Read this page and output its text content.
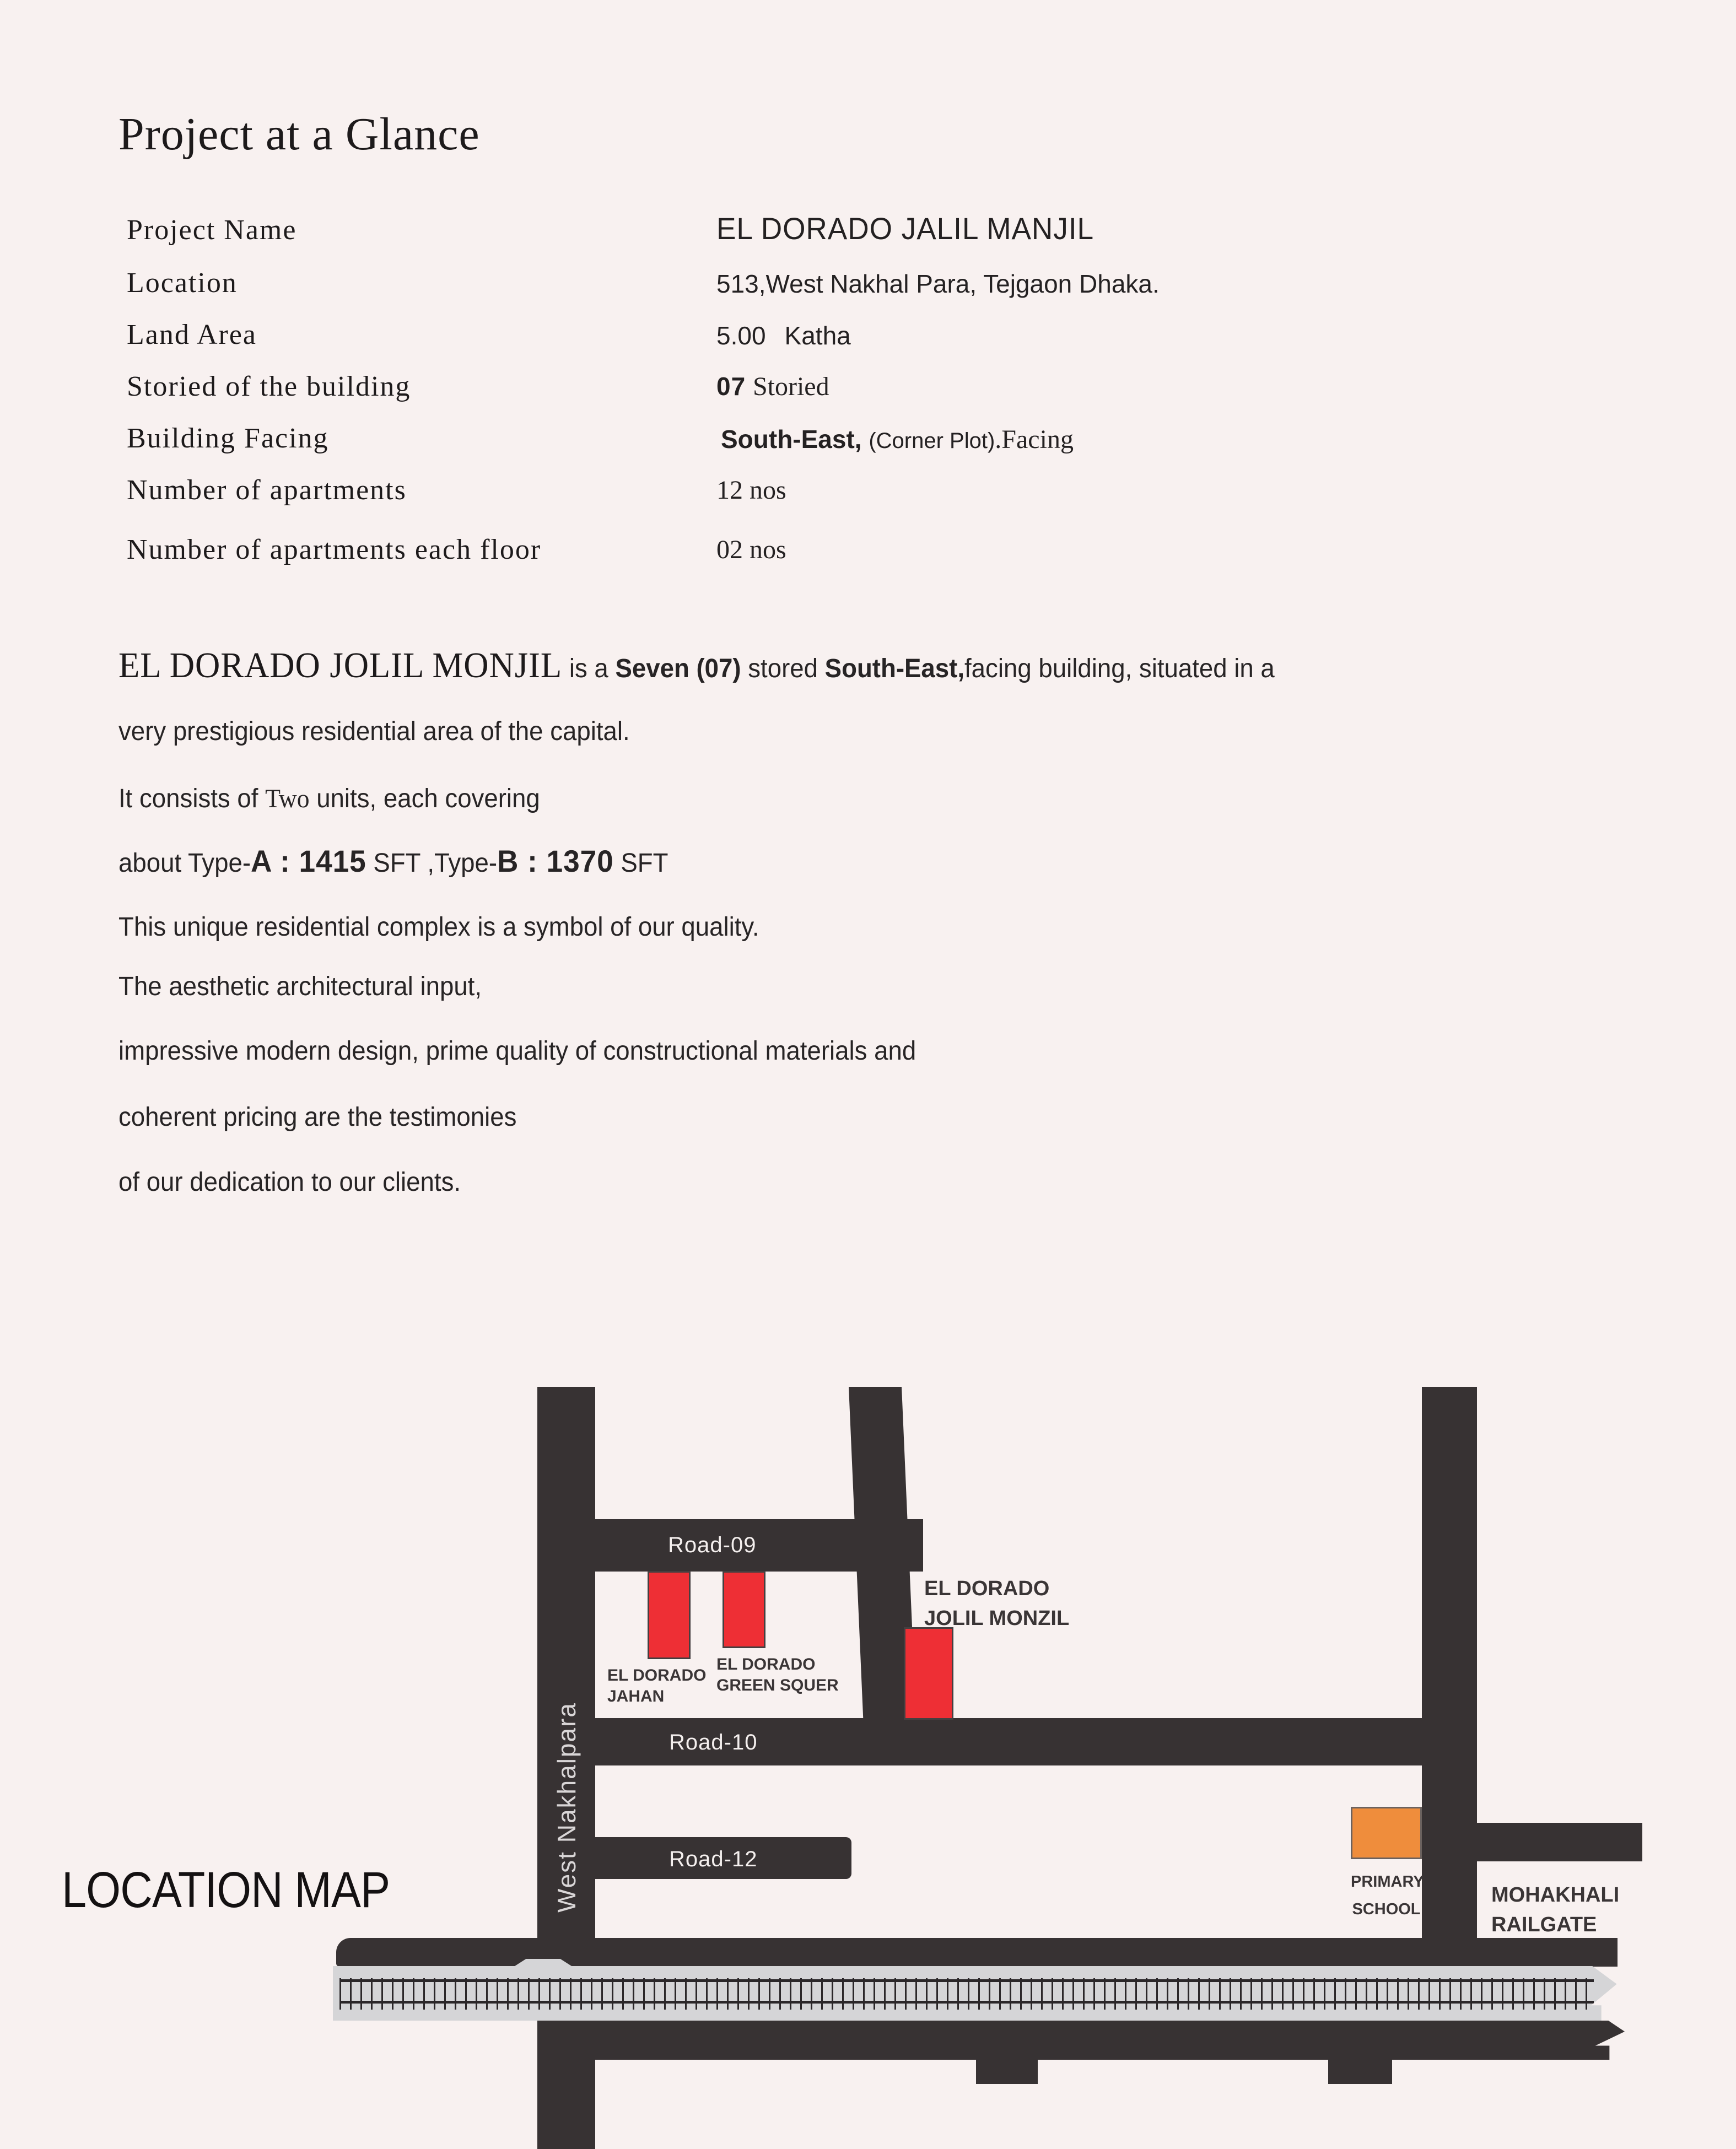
Project at a Glance
Project Name	EL DORADO JALIL MANJIL
Location	513,West Nakhal Para, Tejgaon Dhaka.
Land Area	5.00 Katha
Storied of the building	07 Storied
Building Facing	South-East, (Corner Plot).Facing
Number of apartments	12 nos
Number of apartments each floor	02 nos
EL DORADO JOLIL MONJIL is a Seven (07) stored South-East,facing building, situated in a
very prestigious residential area of the capital.
It consists of Two units, each covering
about Type-A : 1415 SFT ,Type-B : 1370 SFT
This unique residential complex is a symbol of our quality.
The aesthetic architectural input,
impressive modern design, prime quality of constructional materials and
coherent pricing are the testimonies
of our dedication to our clients.
LOCATION MAP
Road-09
Road-10
Road-12
West Nakhalpara
EL DORADO
JAHAN
EL DORADO
GREEN SQUER
EL DORADO
JOLIL MONZIL
PRIMARY
SCHOOL
MOHAKHALI
RAILGATE
